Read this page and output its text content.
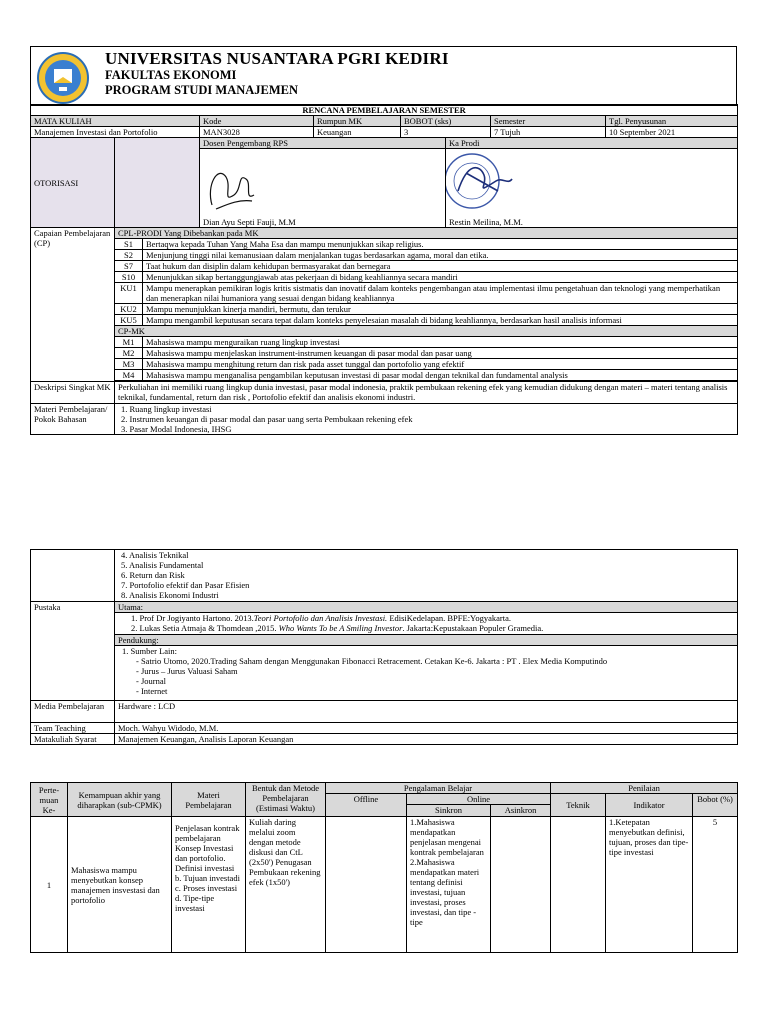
UNIVERSITAS NUSANTARA PGRI KEDIRI
FAKULTAS EKONOMI
PROGRAM STUDI MANAJEMEN
RENCANA PEMBELAJARAN SEMESTER								
MATA KULIAH			Kode	Rumpun MK	BOBOT (sks)		Semester	Tgl. Penyusunan
Manajemen Investasi dan Portofolio			MAN3028	Keuangan	3		7 Tujuh	10 September 2021
OTORISASI			Dosen Pengembang RPS			Ka Prodi		

Dian Ayu Septi Fauji, M.M			Restin Meilina, M.M.		
Capaian Pembelajaran (CP)	CPL-PRODI Yang Dibebankan pada MK							
	S1	Bertaqwa kepada Tuhan Yang Maha Esa dan mampu menunjukkan sikap religius.						
	S2	Menjunjung tinggi nilai kemanusiaan dalam menjalankan tugas berdasarkan agama, moral dan etika.						
	S7	Taat hukum dan disiplin dalam kehidupan bermasyarakat dan bernegara						
	S10	Menunjukkan sikap bertanggungjawab atas pekerjaan di bidang keahliannya secara mandiri						
	KU1	Mampu menerapkan pemikiran logis kritis sistmatis dan inovatif dalam konteks pengembangan atau implementasi ilmu pengetahuan dan teknologi yang memperhatikan dan menerapkan nilai humaniora yang sesuai dengan bidang keahliannya						
	KU2	Mampu menunjukkan kinerja mandiri, bermutu, dan terukur						
	KU5	Mampu mengambil keputusan secara tepat dalam konteks penyelesaian masalah di bidang keahliannya, berdasarkan hasil analisis informasi						
	CP-MK							
	M1	Mahasiswa mampu menguraikan ruang lingkup investasi						
	M2	Mahasiswa mampu menjelaskan instrument-instrumen keuangan di pasar modal dan pasar uang						
	M3	Mahasiswa mampu menghitung return dan risk pada asset tunggal dan portofolio yang efektif						
	M4	Mahasiswa mampu menganalisa pengambilan keputusan investasi di pasar modal dengan teknikal dan fundamental analysis						

Deskripsi Singkat MK	Perkuliahan ini memiliki ruang lingkup dunia investasi, pasar modal indonesia, praktik pembukaan rekening efek yang kemudian didukung dengan materi – materi tentang analisis teknikal, fundamental, return dan risk , Portofolio efektif dan analisis ekonomi industri.							
Materi Pembelajaran/ Pokok Bahasan	1. Ruang lingkup investasi
2. Instrumen keuangan di pasar modal dan pasar uang serta Pembukaan rekening efek
3. Pasar Modal Indonesia, IHSG							

	4. Analisis Teknikal
5. Analisis Fundamental
6. Return dan Risk
7. Portofolio efektif dan Pasar Efisien
8. Analisis Ekonomi Industri

Pustaka	Utama:

	1. Prof Dr Jogiyanto Hartono. 2013.Teori Portofolio dan Analisis Investasi. EdisiKedelapan. BPFE:Yogyakarta.
2. Lukas Setia Atmaja & Thomdean ,2015. Who Wants To be A Smiling Investor. Jakarta:Kepustakaan Populer Gramedia.

	Pendukung:

	1. Sumber Lain:
- Satrio Utomo, 2020.Trading Saham dengan Menggunakan Fibonacci Retracement. Cetakan Ke-6. Jakarta : PT . Elex Media Komputindo
- Jurus – Jurus Valuasi Saham
- Journal
- Internet

Media Pembelajaran	Hardware : LCD
Team Teaching	Moch. Wahyu Widodo, M.M.
Matakuliah Syarat	Manajemen Keuangan, Analisis Laporan Keuangan
Perte-muan Ke-	Kemampuan akhir yang diharapkan (sub-CPMK)	Materi Pembelajaran	Bentuk dan Metode Pembelajaran (Estimasi Waktu)	Pengalaman Belajar			Penilaian		
				Offline	Online		Teknik	Indikator	Bobot (%)
					Sinkron	Asinkron			
1	Mahasiswa mampu menyebutkan konsep manajemen insvestasi dan portofolio	Penjelasan kontrak pembelajaran Konsep Investasi dan portofolio. Definisi investasi b. Tujuan investadi c. Proses investasi d. Tipe-tipe investasi	Kuliah daring melalui zoom dengan metode diskusi dan CtL (2x50') Penugasan Pembukaan rekening efek (1x50')		1.Mahasiswa mendapatkan penjelasan mengenai kontrak pembelajaran 2.Mahasiswa mendapatkan materi tentang definisi investasi, tujuan investasi, proses investasi, dan tipe - tipe			1.Ketepatan menyebutkan definisi, tujuan, proses dan tipe-tipe investasi	5
